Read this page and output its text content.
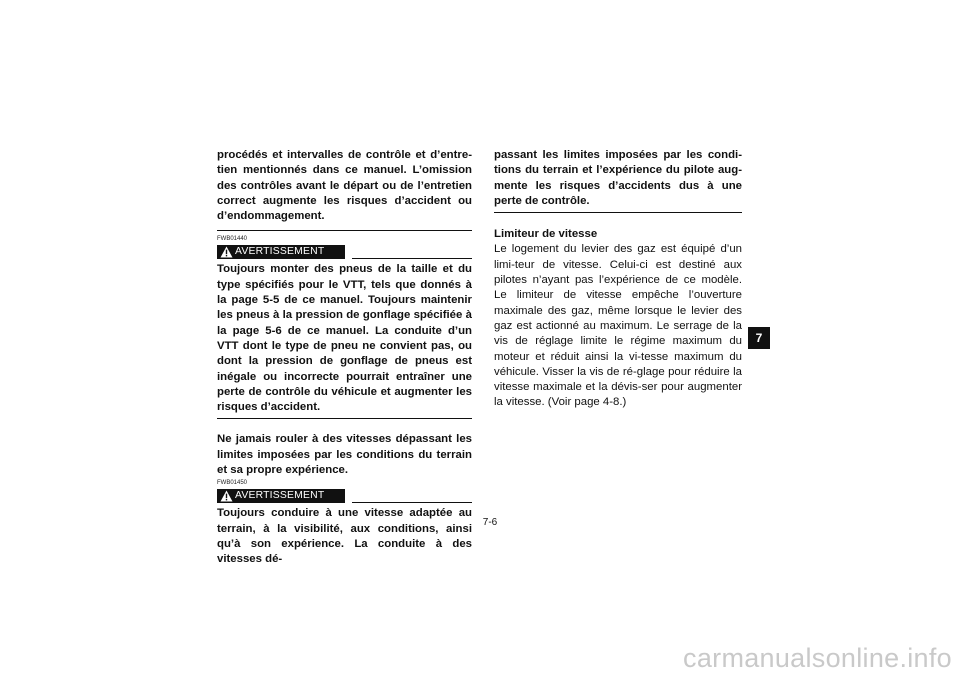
procédés et intervalles de contrôle et d’entre-tien mentionnés dans ce manuel. L’omission des contrôles avant le départ ou de l’entretien correct augmente les risques d’accident ou d’endommagement.

FWB01440
AVERTISSEMENT

Toujours monter des pneus de la taille et du type spécifiés pour le VTT, tels que donnés à la page 5-5 de ce manuel. Toujours maintenir les pneus à la pression de gonflage spécifiée à la page 5-6 de ce manuel. La conduite d’un VTT dont le type de pneu ne convient pas, ou dont la pression de gonflage de pneus est inégale ou incorrecte pourrait entraîner une perte de contrôle du véhicule et augmenter les risques d’accident.

Ne jamais rouler à des vitesses dépassant les limites imposées par les conditions du terrain et sa propre expérience.

FWB01450
AVERTISSEMENT

Toujours conduire à une vitesse adaptée au terrain, à la visibilité, aux conditions, ainsi qu’à son expérience. La conduite à des vitesses dé-

passant les limites imposées par les condi-tions du terrain et l’expérience du pilote aug-mente les risques d’accidents dus à une perte de contrôle.

Limiteur de vitesse

Le logement du levier des gaz est équipé d’un limi-teur de vitesse. Celui-ci est destiné aux pilotes n’ayant pas l’expérience de ce modèle. Le limiteur de vitesse empêche l’ouverture maximale des gaz, même lorsque le levier des gaz est actionné au maximum. Le serrage de la vis de réglage limite le régime maximum du moteur et réduit ainsi la vi-tesse maximum du véhicule. Visser la vis de ré-glage pour réduire la vitesse maximale et la dévis-ser pour augmenter la vitesse. (Voir page 4-8.)

7
7-6
carmanualsonline.info
